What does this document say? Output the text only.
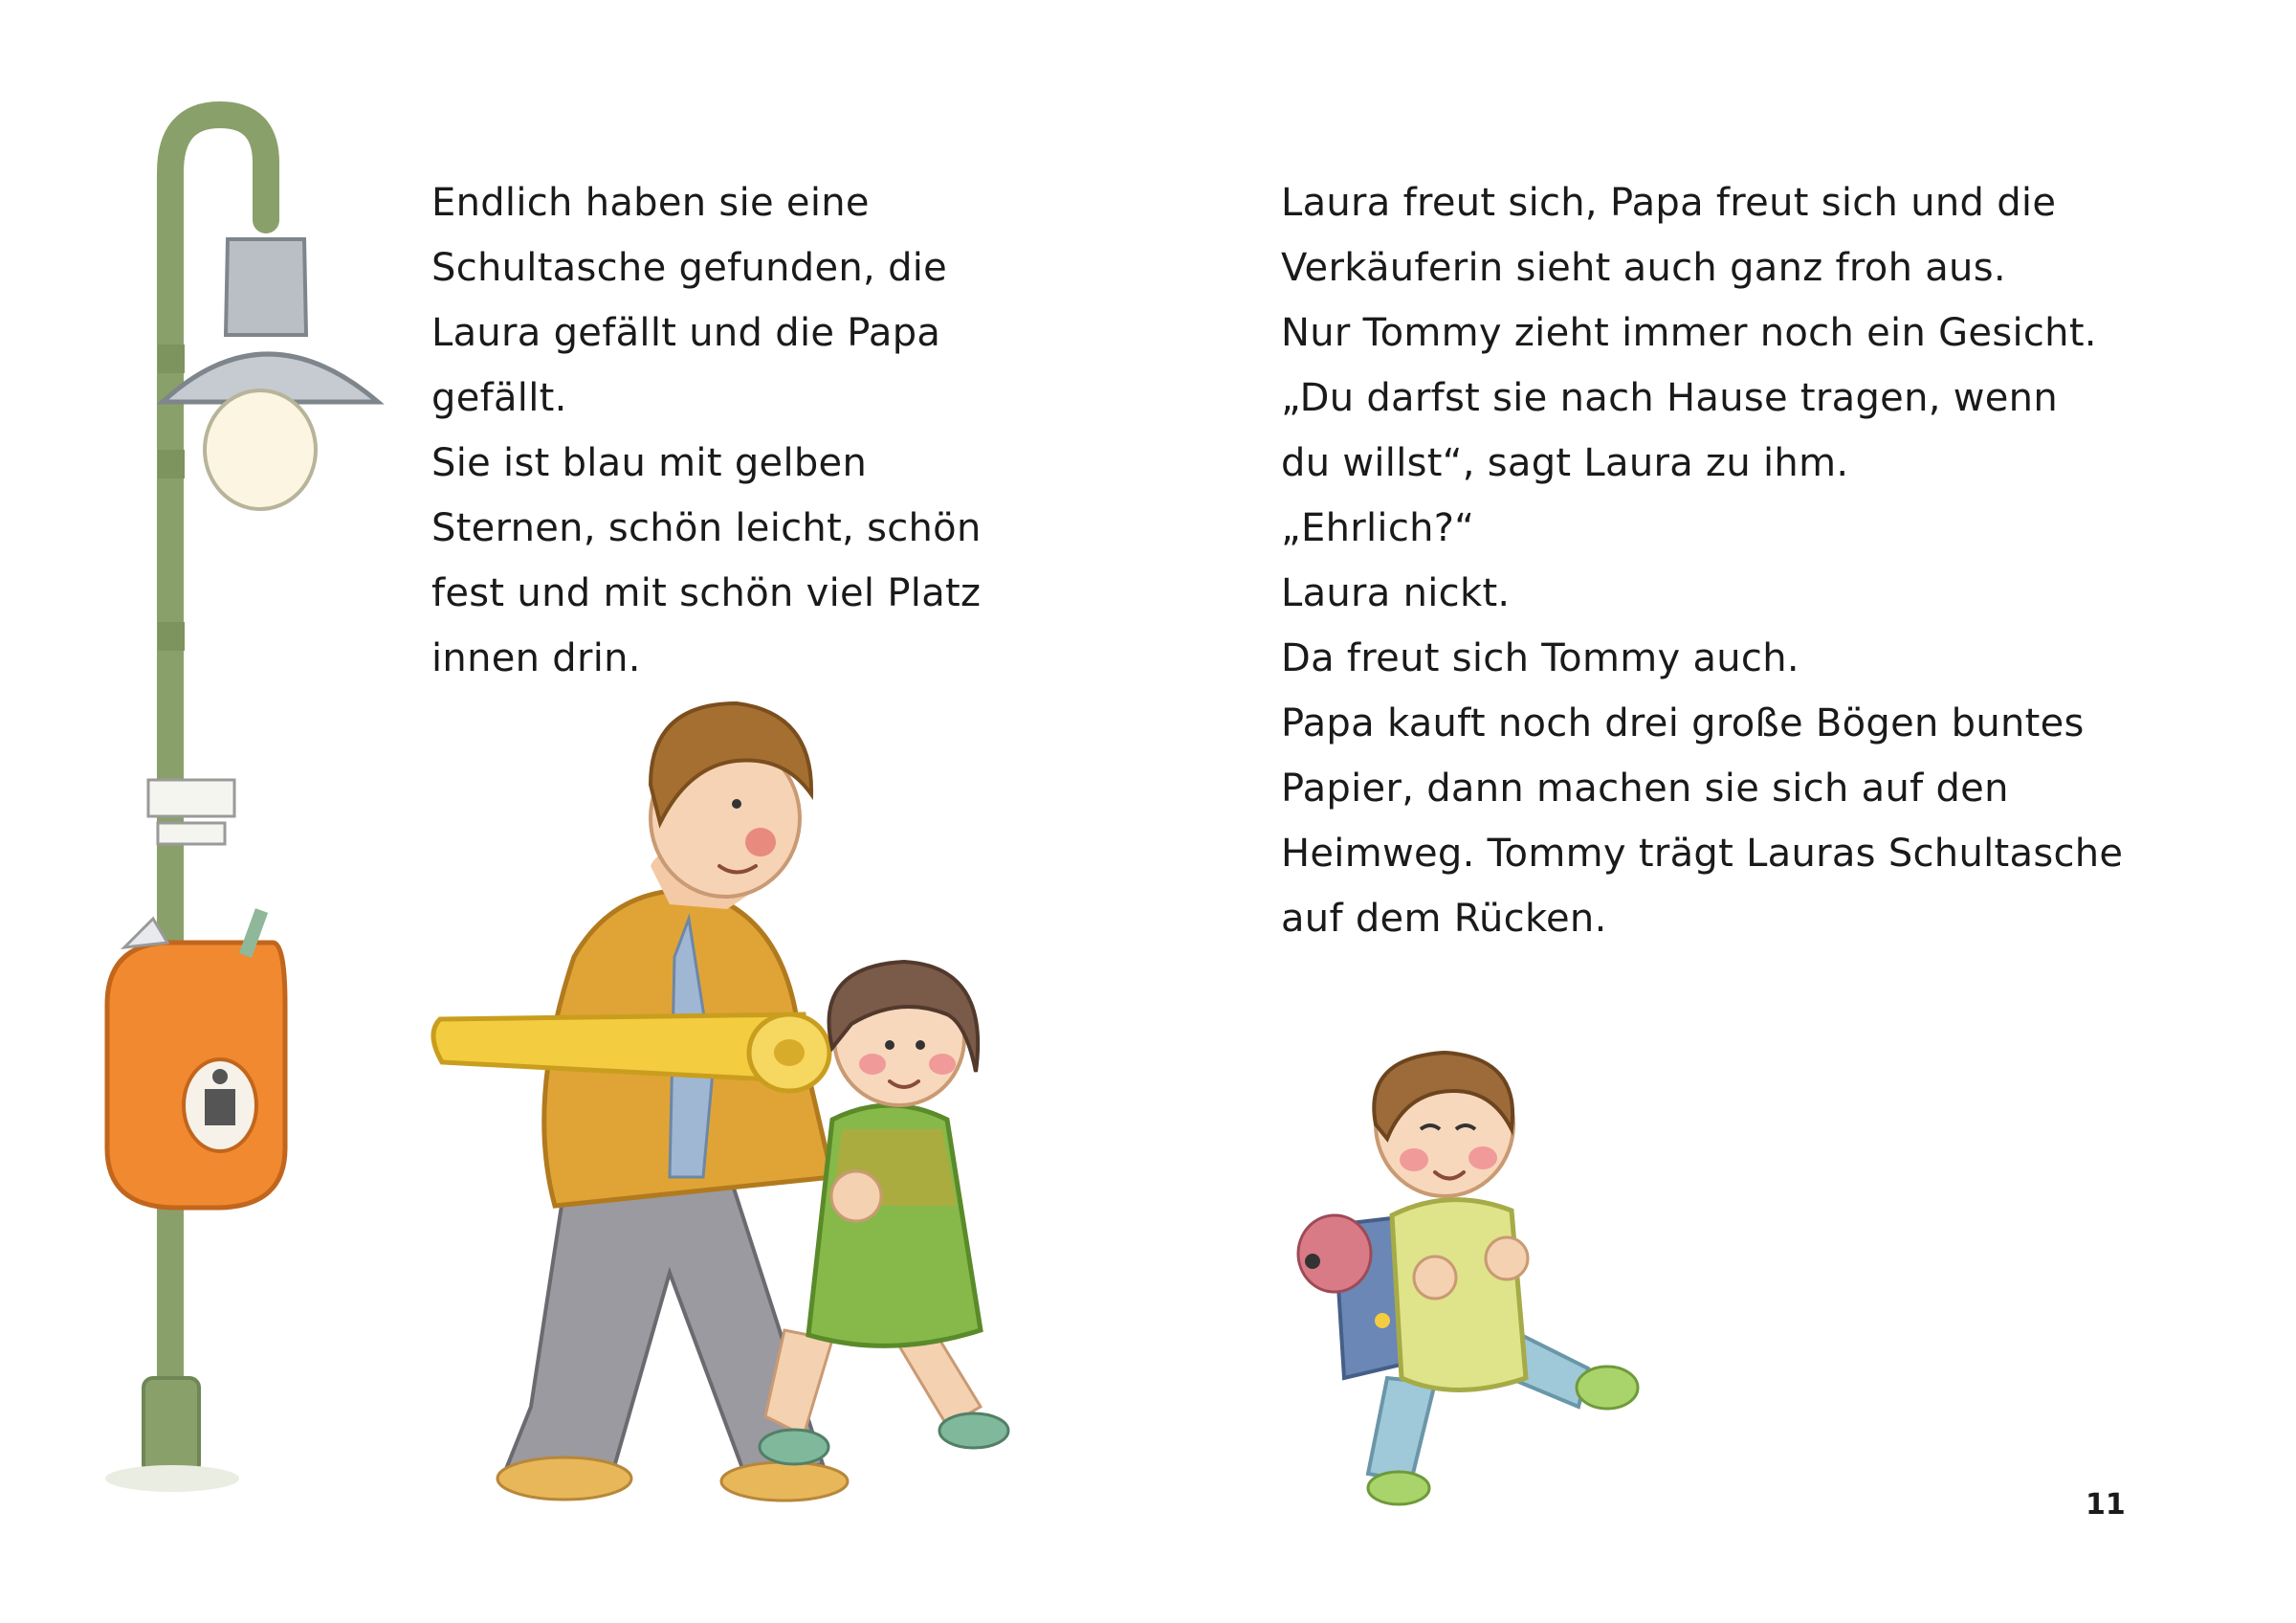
Endlich haben sie eine
Schultasche gefunden, die
Laura gefällt und die Papa
gefällt.
Sie ist blau mit gelben
Sternen, schön leicht, schön
fest und mit schön viel Platz
innen drin.
Laura freut sich, Papa freut sich und die
Verkäuferin sieht auch ganz froh aus.
Nur Tommy zieht immer noch ein Gesicht.
„Du darfst sie nach Hause tragen, wenn
du willst“, sagt Laura zu ihm.
„Ehrlich?“
Laura nickt.
Da freut sich Tommy auch.
Papa kauft noch drei große Bögen buntes
Papier, dann machen sie sich auf den
Heimweg. Tommy trägt Lauras Schultasche
auf dem Rücken.
11
